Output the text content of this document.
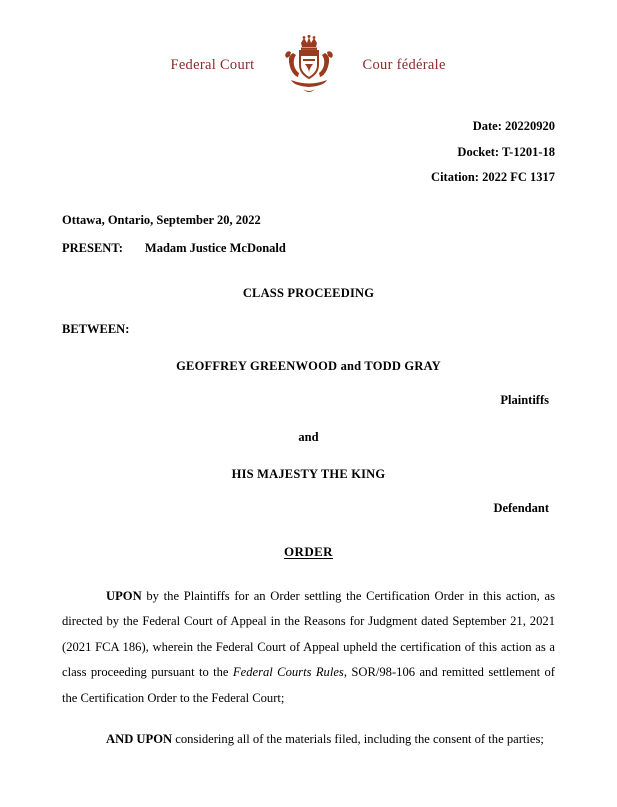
Federal Court	Cour fédérale
Date: 20220920
Docket: T-1201-18
Citation: 2022 FC 1317
Ottawa, Ontario, September 20, 2022
PRESENT: Madam Justice McDonald
CLASS PROCEEDING
BETWEEN:
GEOFFREY GREENWOOD and TODD GRAY
Plaintiffs
and
HIS MAJESTY THE KING
Defendant
ORDER

UPON by the Plaintiffs for an Order settling the Certification Order in this action, as directed by the Federal Court of Appeal in the Reasons for Judgment dated September 21, 2021 (2021 FCA 186), wherein the Federal Court of Appeal upheld the certification of this action as a class proceeding pursuant to the Federal Courts Rules, SOR/98-106 and remitted settlement of the Certification Order to the Federal Court;

AND UPON considering all of the materials filed, including the consent of the parties;
